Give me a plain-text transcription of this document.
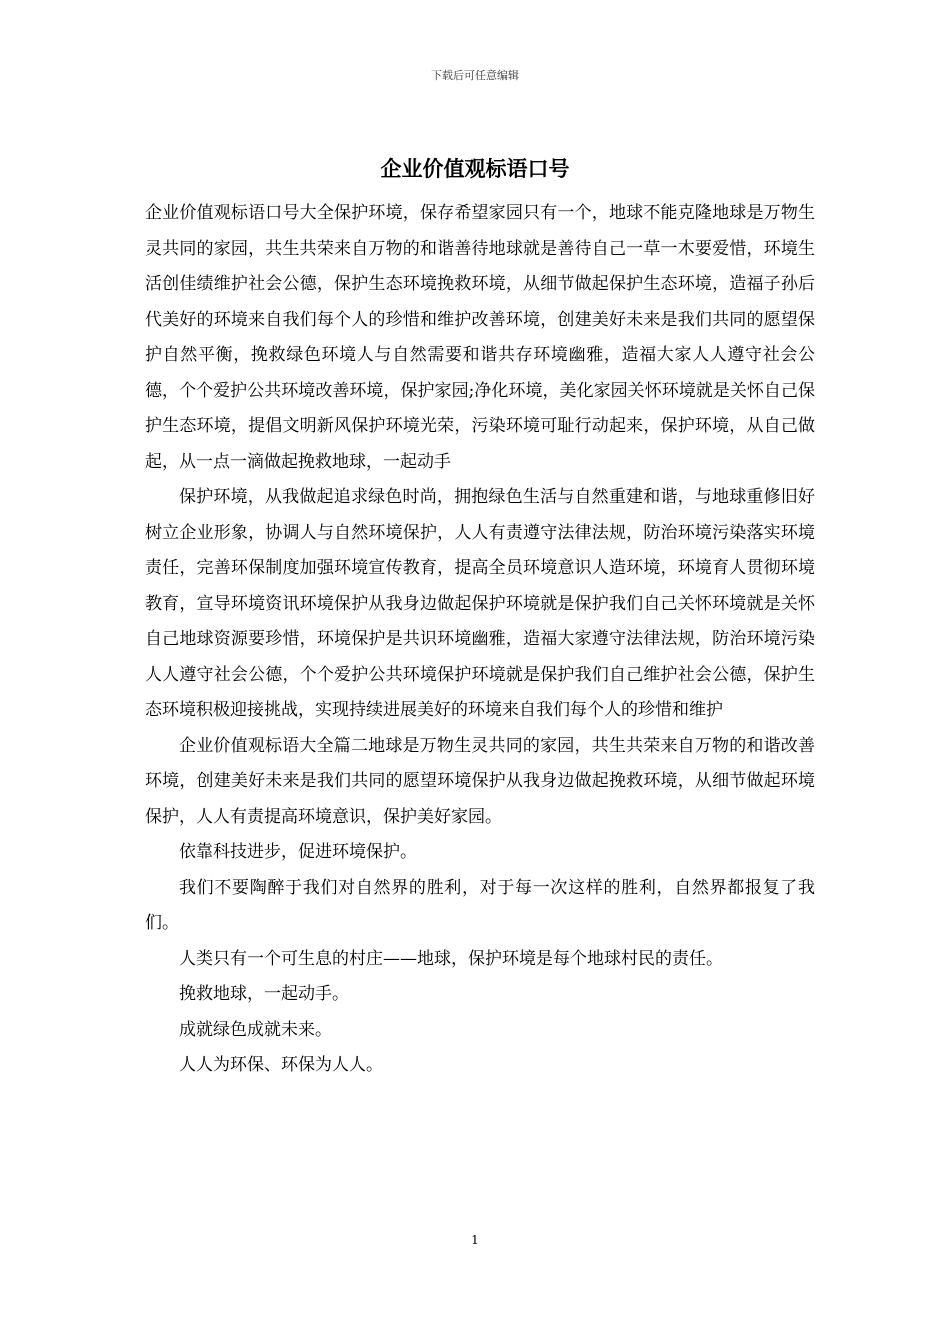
下载后可任意编辑
企业价值观标语口号

企业价值观标语口号大全保护环境，保存希望家园只有一个，地球不能克隆地球是万物生灵共同的家园，共生共荣来自万物的和谐善待地球就是善待自己一草一木要爱惜，环境生活创佳绩维护社会公德，保护生态环境挽救环境，从细节做起保护生态环境，造福子孙后代美好的环境来自我们每个人的珍惜和维护改善环境，创建美好未来是我们共同的愿望保护自然平衡，挽救绿色环境人与自然需要和谐共存环境幽雅，造福大家人人遵守社会公德，个个爱护公共环境改善环境，保护家园;净化环境，美化家园关怀环境就是关怀自己保护生态环境，提倡文明新风保护环境光荣，污染环境可耻行动起来，保护环境，从自己做起，从一点一滴做起挽救地球，一起动手

保护环境，从我做起追求绿色时尚，拥抱绿色生活与自然重建和谐，与地球重修旧好树立企业形象，协调人与自然环境保护，人人有责遵守法律法规，防治环境污染落实环境责任，完善环保制度加强环境宣传教育，提高全员环境意识人造环境，环境育人贯彻环境教育，宣导环境资讯环境保护从我身边做起保护环境就是保护我们自己关怀环境就是关怀自己地球资源要珍惜，环境保护是共识环境幽雅，造福大家遵守法律法规，防治环境污染人人遵守社会公德，个个爱护公共环境保护环境就是保护我们自己维护社会公德，保护生态环境积极迎接挑战，实现持续进展美好的环境来自我们每个人的珍惜和维护

企业价值观标语大全篇二地球是万物生灵共同的家园，共生共荣来自万物的和谐改善环境，创建美好未来是我们共同的愿望环境保护从我身边做起挽救环境，从细节做起环境保护，人人有责提高环境意识，保护美好家园。

依靠科技进步，促进环境保护。

我们不要陶醉于我们对自然界的胜利，对于每一次这样的胜利，自然界都报复了我们。

人类只有一个可生息的村庄——地球，保护环境是每个地球村民的责任。

挽救地球，一起动手。

成就绿色成就未来。

人人为环保、环保为人人。

1
